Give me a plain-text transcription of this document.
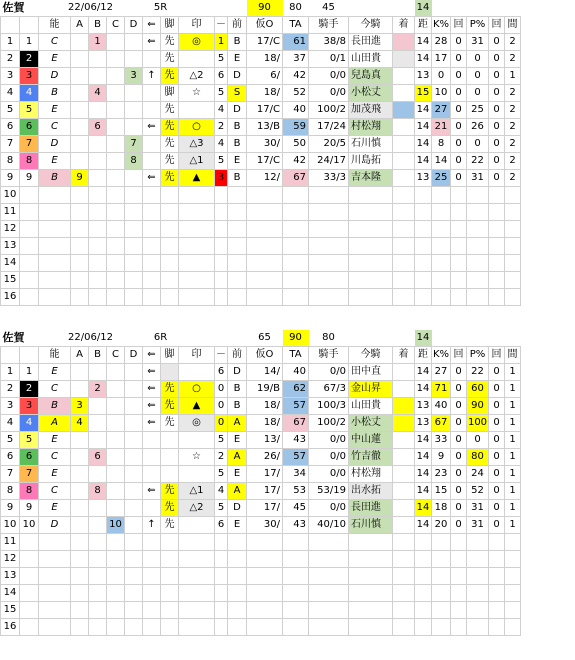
佐賀		22/06/12					5R					90	80	45			14					
		能	A	B	C	D	⇐	脚	印	－	前	仮O	TA	騎手	今騎	着	距	K%	回	P%	回	間
1	1	C		1			⇐	先	◎	1	B	17/C	61	38/8	長田進		14	28	0	31	0	2
2	2	E						先		5	E	18/	37	0/1	山田貴		14	17	0	0	0	2
3	3	D				3	↑	先	△2	6	D	6/	42	0/0	兒島真		13	0	0	0	0	1
4	4	B		4				脚	☆	5	S	18/	52	0/0	小松丈		15	10	0	0	0	2
5	5	E						先		4	D	17/C	40	100/2	加茂飛		14	27	0	25	0	2
6	6	C		6			⇐	先	○	2	B	13/B	59	17/24	村松翔		14	21	0	26	0	2
7	7	D				7		先	△3	4	B	30/	50	20/5	石川慎		14	8	0	0	0	2
8	8	E				8		先	△1	5	E	17/C	42	24/17	川島拓		14	14	0	22	0	2
9	9	B	9				⇐	先	▲	3	B	12/	67	33/3	吉本隆		13	25	0	31	0	2
10																						
11																						
12																						
13																						
14																						
15																						
16																						
佐賀		22/06/12					6R					65	90	80			14					
		能	A	B	C	D	⇐	脚	印	－	前	仮O	TA	騎手	今騎	着	距	K%	回	P%	回	間
1	1	E					⇐			6	D	14/	40	0/0	田中直		14	27	0	22	0	1
2	2	C		2			⇐	先	○	0	B	19/B	62	67/3	金山昇		14	71	0	60	0	1
3	3	B	3				⇐	先	▲	0	B	18/	57	100/3	山田貴		13	40	0	90	0	1
4	4	A	4				⇐	先	◎	0	A	18/	67	100/2	小松丈		13	67	0	100	0	1
5	5	E								5	E	13/	43	0/0	中山蓮		14	33	0	0	0	1
6	6	C		6					☆	2	A	26/	57	0/0	竹吉徹		14	9	0	80	0	1
7	7	E								5	E	17/	34	0/0	村松翔		14	23	0	24	0	1
8	8	C		8			⇐	先	△1	4	A	17/	53	53/19	出水拓		14	15	0	52	0	1
9	9	E						先	△2	5	D	17/	45	0/0	長田進		14	18	0	31	0	1
10	10	D			10		↑	先		6	E	30/	43	40/10	石川慎		14	20	0	31	0	1
11																						
12																						
13																						
14																						
15																						
16																						
